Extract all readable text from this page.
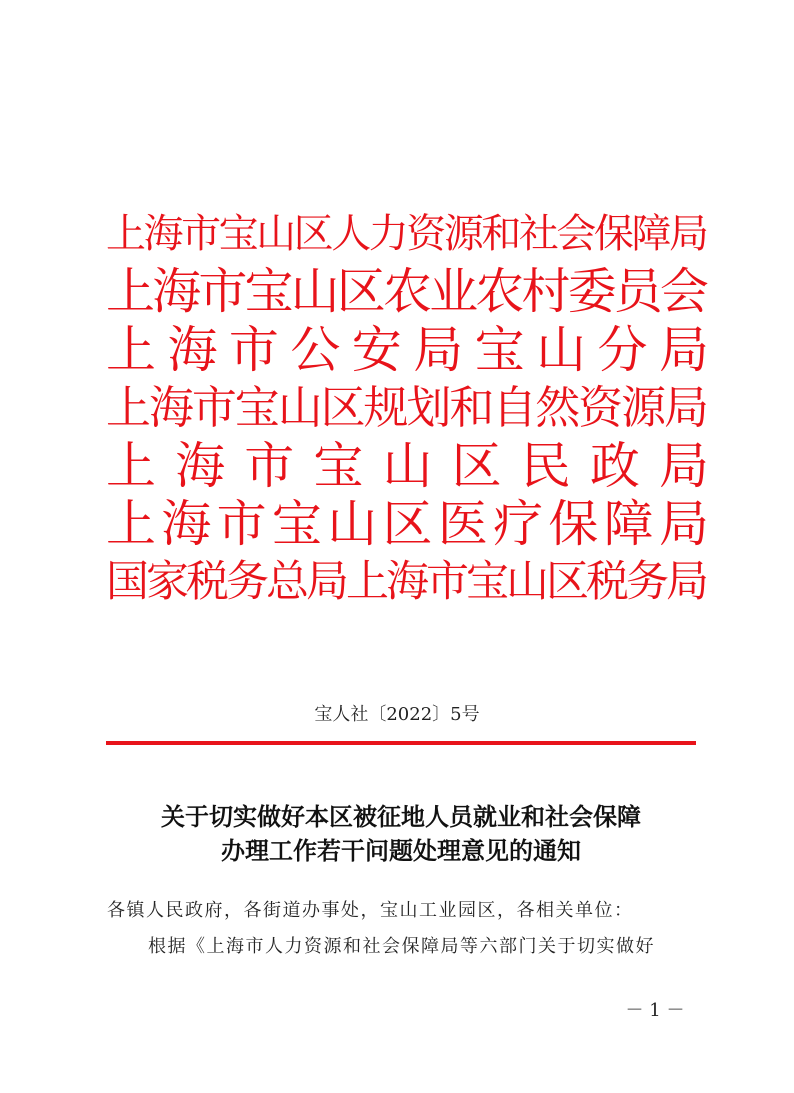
上 海 市 宝 山 区 人 力 资 源 和 社 会 保 障 局
上 海 市 宝 山 区 农 业 农 村 委 员 会
上 海 市 公 安 局 宝 山 分 局
上 海 市 宝 山 区 规 划 和 自 然 资 源 局
上 海 市 宝 山 区 民 政 局
上 海 市 宝 山 区 医 疗 保 障 局
国 家 税 务 总 局 上 海 市 宝 山 区 税 务 局
宝人社〔2022〕5号
关于切实做好本区被征地人员就业和社会保障
办理工作若干问题处理意见的通知
各镇人民政府，各街道办事处，宝山工业园区，各相关单位：
根据《上海市人力资源和社会保障局等六部门关于切实做好
－ 1 －
